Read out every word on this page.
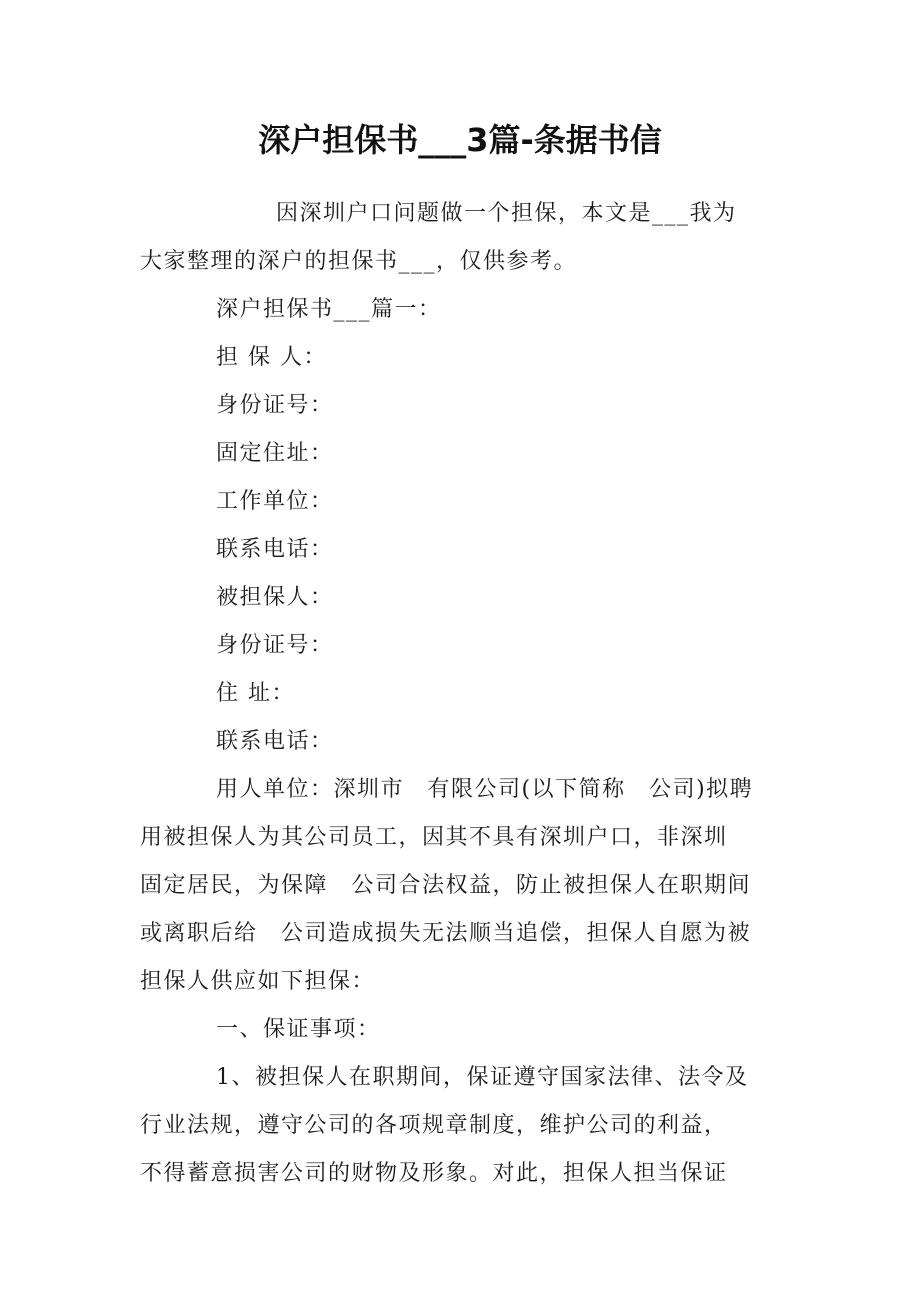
深户担保书___3篇-条据书信

因深圳户口问题做一个担保，本文是___我为

大家整理的深户的担保书___，仅供参考。

深户担保书___篇一：

担 保 人：

身份证号：

固定住址：

工作单位：

联系电话：

被担保人：

身份证号：

住 址：

联系电话：

用人单位：深圳市　有限公司(以下简称　公司)拟聘

用被担保人为其公司员工，因其不具有深圳户口，非深圳

固定居民，为保障　公司合法权益，防止被担保人在职期间

或离职后给　公司造成损失无法顺当追偿，担保人自愿为被

担保人供应如下担保：

一、保证事项：

1、被担保人在职期间，保证遵守国家法律、法令及

行业法规，遵守公司的各项规章制度，维护公司的利益，

不得蓄意损害公司的财物及形象。对此，担保人担当保证
